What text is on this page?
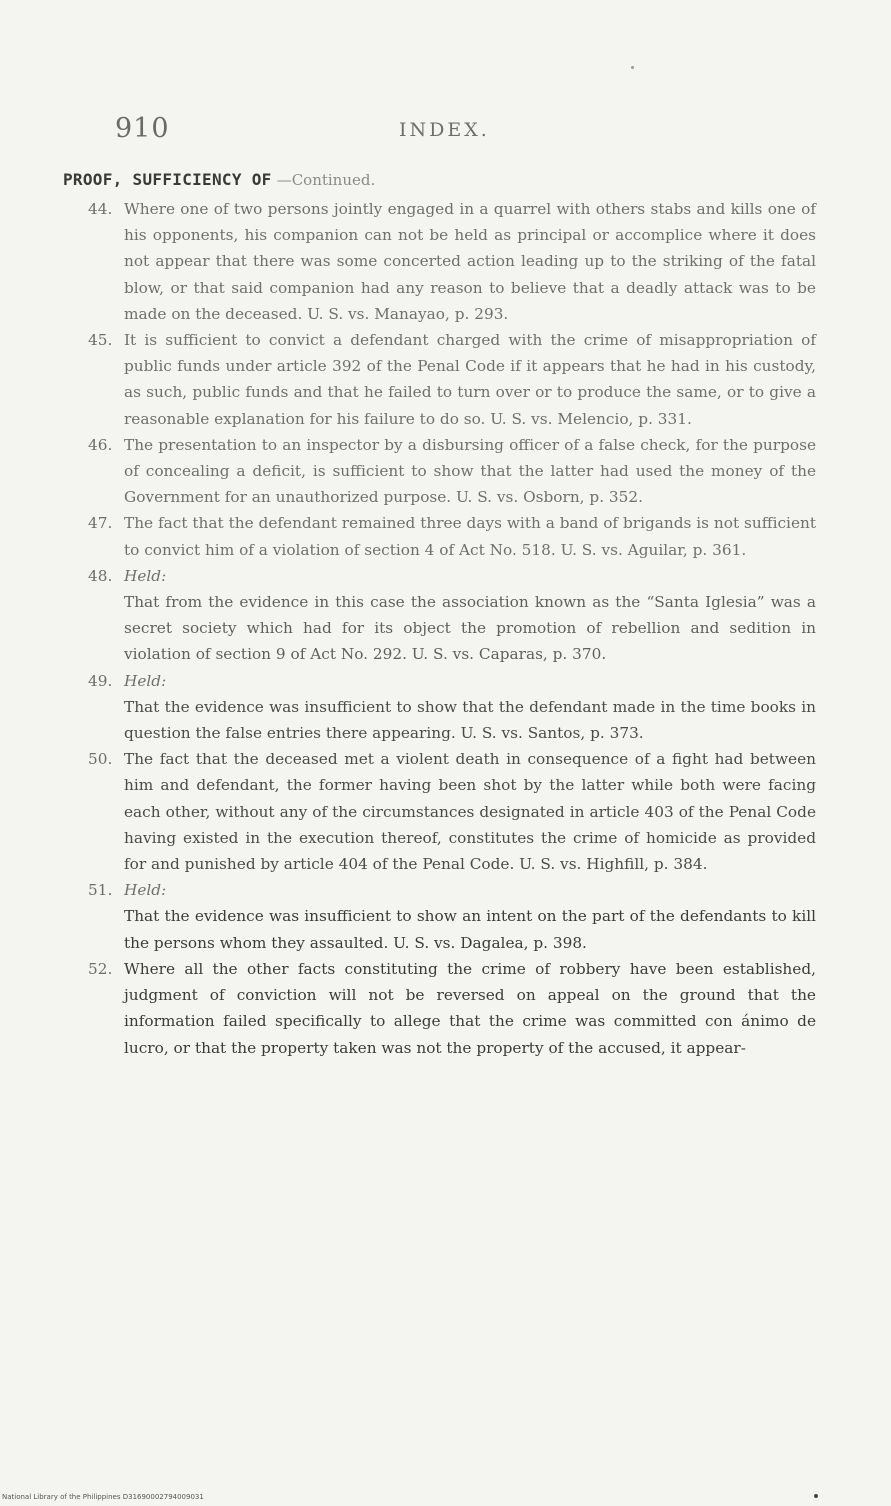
910	INDEX.
PROOF, SUFFICIENCY OF —Continued.
44. Where one of two persons jointly engaged in a quarrel with others stabs and kills one of his opponents, his companion can not be held as principal or accomplice where it does not appear that there was some concerted action leading up to the striking of the fatal blow, or that said companion had any reason to believe that a deadly attack was to be made on the deceased. U. S. vs. Manayao, p. 293.
45. It is sufficient to convict a defendant charged with the crime of misappropriation of public funds under article 392 of the Penal Code if it appears that he had in his custody, as such, public funds and that he failed to turn over or to produce the same, or to give a reasonable explanation for his failure to do so. U. S. vs. Melencio, p. 331.
46. The presentation to an inspector by a disbursing officer of a false check, for the purpose of concealing a deficit, is sufficient to show that the latter had used the money of the Government for an unauthorized purpose. U. S. vs. Osborn, p. 352.
47. The fact that the defendant remained three days with a band of brigands is not sufficient to convict him of a violation of section 4 of Act No. 518. U. S. vs. Aguilar, p. 361.
48. Held:
That from the evidence in this case the association known as the “Santa Iglesia” was a secret society which had for its object the promotion of rebellion and sedition in violation of section 9 of Act No. 292. U. S. vs. Caparas, p. 370.
49. Held:
That the evidence was insufficient to show that the defendant made in the time books in question the false entries there appearing. U. S. vs. Santos, p. 373.
50. The fact that the deceased met a violent death in consequence of a fight had between him and defendant, the former having been shot by the latter while both were facing each other, without any of the circumstances designated in article 403 of the Penal Code having existed in the execution thereof, constitutes the crime of homicide as provided for and punished by article 404 of the Penal Code. U. S. vs. Highfill, p. 384.
51. Held:
That the evidence was insufficient to show an intent on the part of the defendants to kill the persons whom they assaulted. U. S. vs. Dagalea, p. 398.
52. Where all the other facts constituting the crime of robbery have been established, judgment of conviction will not be reversed on appeal on the ground that the information failed specifically to allege that the crime was committed con ánimo de lucro, or that the property taken was not the property of the accused, it appear-
National Library of the Philippines D31690002794009031
